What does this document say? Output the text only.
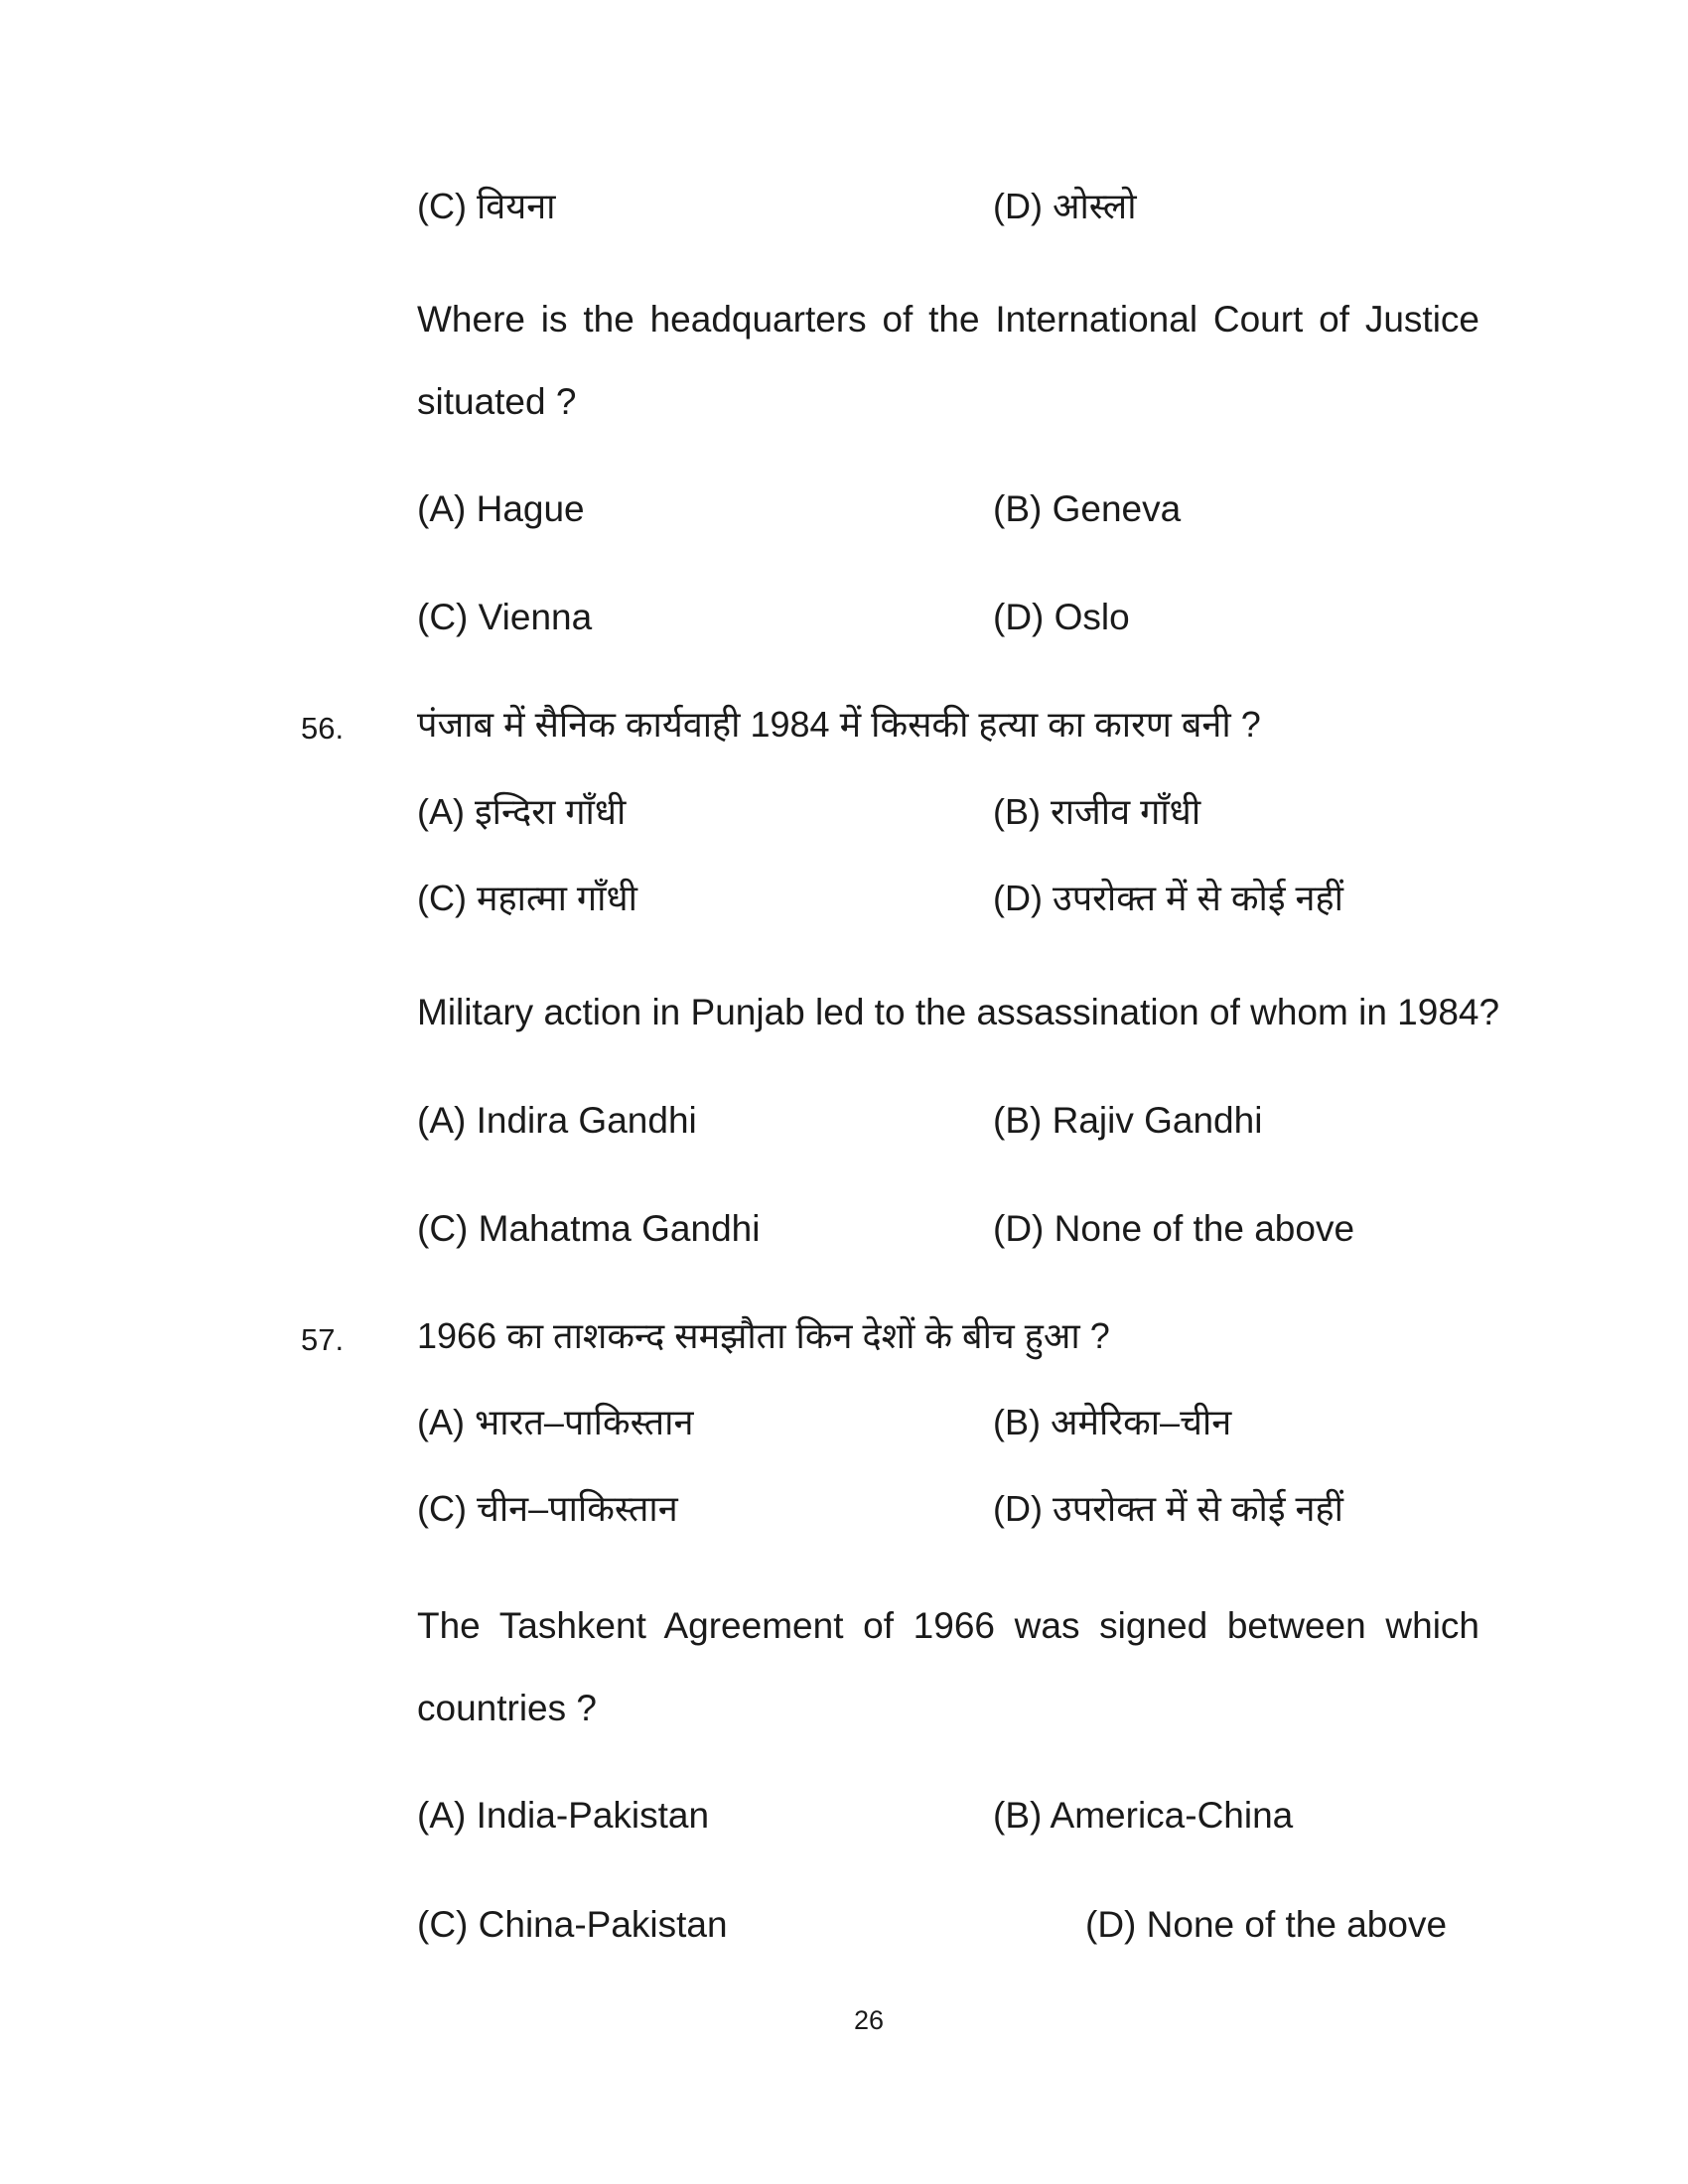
(C) वियना	(D) ओस्लो
Where is the headquarters of the International Court of Justice situated ?
(A) Hague	(B) Geneva
(C) Vienna	(D) Oslo
56. पंजाब में सैनिक कार्यवाही 1984 में किसकी हत्या का कारण बनी ?
(A) इन्दिरा गाँधी	(B) राजीव गाँधी
(C) महात्मा गाँधी	(D) उपरोक्त में से कोई नहीं
Military action in Punjab led to the assassination of whom in 1984?
(A) Indira Gandhi	(B) Rajiv Gandhi
(C) Mahatma Gandhi	(D) None of the above
57. 1966 का ताशकन्द समझौता किन देशों के बीच हुआ ?
(A) भारत–पाकिस्तान	(B) अमेरिका–चीन
(C) चीन–पाकिस्तान	(D) उपरोक्त में से कोई नहीं
The Tashkent Agreement of 1966 was signed between which countries ?
(A) India-Pakistan	(B) America-China
(C) China-Pakistan	(D) None of the above
26
